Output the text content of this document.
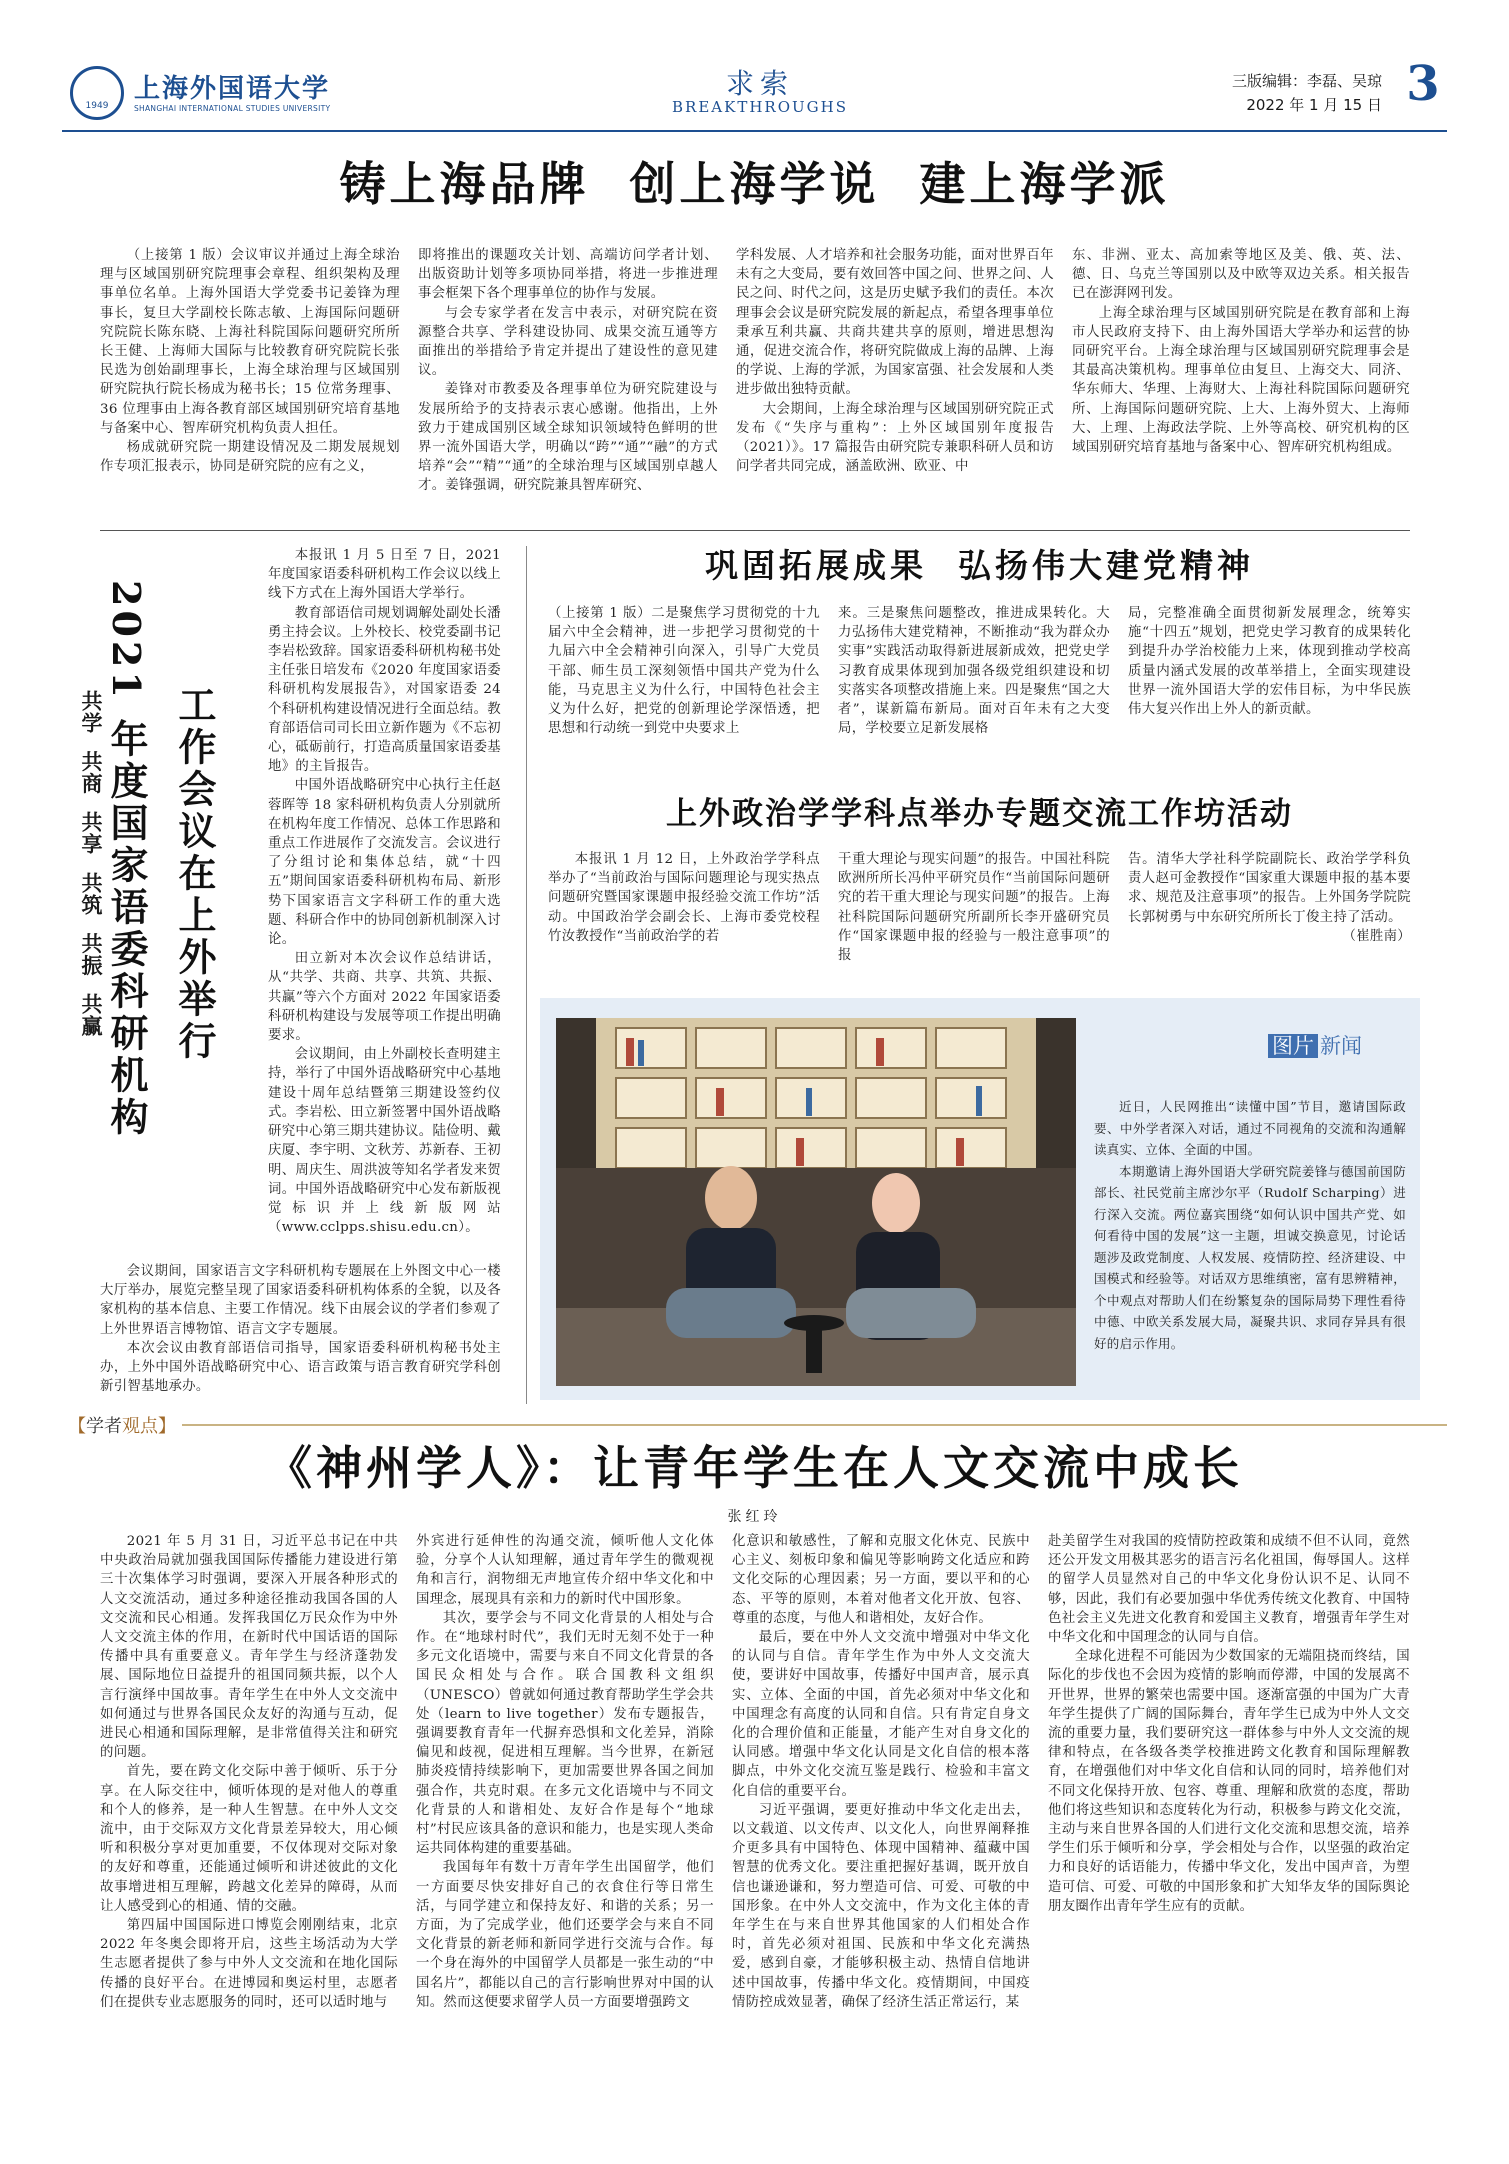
1949
上海外国语大学
SHANGHAI INTERNATIONAL STUDIES UNIVERSITY
求索
BREAKTHROUGHS
三版编辑：李磊、吴琼
2022 年 1 月 15 日 3
铸上海品牌  创上海学说  建上海学派

（上接第 1 版）会议审议并通过上海全球治理与区域国别研究院理事会章程、组织架构及理事单位名单。上海外国语大学党委书记姜锋为理事长，复旦大学副校长陈志敏、上海国际问题研究院院长陈东晓、上海社科院国际问题研究所所长王健、上海师大国际与比较教育研究院院长张民选为创始副理事长，上海全球治理与区域国别研究院执行院长杨成为秘书长；15 位常务理事、36 位理事由上海各教育部区域国别研究培育基地与备案中心、智库研究机构负责人担任。

杨成就研究院一期建设情况及二期发展规划作专项汇报表示，协同是研究院的应有之义，

即将推出的课题攻关计划、高端访问学者计划、出版资助计划等多项协同举措，将进一步推进理事会框架下各个理事单位的协作与发展。

与会专家学者在发言中表示，对研究院在资源整合共享、学科建设协同、成果交流互通等方面推出的举措给予肯定并提出了建设性的意见建议。

姜锋对市教委及各理事单位为研究院建设与发展所给予的支持表示衷心感谢。他指出，上外致力于建成国别区域全球知识领域特色鲜明的世界一流外国语大学，明确以“跨”“通”“融”的方式培养“会”“精”“通”的全球治理与区域国别卓越人才。姜锋强调，研究院兼具智库研究、

学科发展、人才培养和社会服务功能，面对世界百年未有之大变局，要有效回答中国之问、世界之问、人民之问、时代之问，这是历史赋予我们的责任。本次理事会会议是研究院发展的新起点，希望各理事单位秉承互利共赢、共商共建共享的原则，增进思想沟通，促进交流合作，将研究院做成上海的品牌、上海的学说、上海的学派，为国家富强、社会发展和人类进步做出独特贡献。

大会期间，上海全球治理与区域国别研究院正式发布《“失序与重构”：上外区域国别年度报告（2021）》。17 篇报告由研究院专兼职科研人员和访问学者共同完成，涵盖欧洲、欧亚、中

东、非洲、亚太、高加索等地区及美、俄、英、法、德、日、乌克兰等国别以及中欧等双边关系。相关报告已在澎湃网刊发。

上海全球治理与区域国别研究院是在教育部和上海市人民政府支持下、由上海外国语大学举办和运营的协同研究平台。上海全球治理与区域国别研究院理事会是其最高决策机构。理事单位由复旦、上海交大、同济、华东师大、华理、上海财大、上海社科院国际问题研究所、上海国际问题研究院、上大、上海外贸大、上海师大、上理、上海政法学院、上外等高校、研究机构的区域国别研究培育基地与备案中心、智库研究机构组成。

2021 年度国家语委科研机构 工作会议在上外举行
共学  共商  共享  共筑  共振  共赢

本报讯 1 月 5 日至 7 日，2021 年度国家语委科研机构工作会议以线上线下方式在上海外国语大学举行。

教育部语信司规划调解处副处长潘勇主持会议。上外校长、校党委副书记李岩松致辞。国家语委科研机构秘书处主任张日培发布《2020 年度国家语委科研机构发展报告》，对国家语委 24 个科研机构建设情况进行全面总结。教育部语信司司长田立新作题为《不忘初心，砥砺前行，打造高质量国家语委基地》的主旨报告。

中国外语战略研究中心执行主任赵蓉晖等 18 家科研机构负责人分别就所在机构年度工作情况、总体工作思路和重点工作进展作了交流发言。会议进行了分组讨论和集体总结，就“十四五”期间国家语委科研机构布局、新形势下国家语言文字科研工作的重大选题、科研合作中的协同创新机制深入讨论。

田立新对本次会议作总结讲话，从“共学、共商、共享、共筑、共振、共赢”等六个方面对 2022 年国家语委科研机构建设与发展等项工作提出明确要求。

会议期间，由上外副校长查明建主持，举行了中国外语战略研究中心基地建设十周年总结暨第三期建设签约仪式。李岩松、田立新签署中国外语战略研究中心第三期共建协议。陆俭明、戴庆厦、李宇明、文秋芳、苏新春、王初明、周庆生、周洪波等知名学者发来贺词。中国外语战略研究中心发布新版视觉标识并上线新版网站（www.cclpps.shisu.edu.cn）。

会议期间，国家语言文字科研机构专题展在上外图文中心一楼大厅举办，展览完整呈现了国家语委科研机构体系的全貌，以及各家机构的基本信息、主要工作情况。线下由展会议的学者们参观了上外世界语言博物馆、语言文字专题展。

本次会议由教育部语信司指导，国家语委科研机构秘书处主办，上外中国外语战略研究中心、语言政策与语言教育研究学科创新引智基地承办。

巩固拓展成果  弘扬伟大建党精神

（上接第 1 版）二是聚焦学习贯彻党的十九届六中全会精神，进一步把学习贯彻党的十九届六中全会精神引向深入，引导广大党员干部、师生员工深刻领悟中国共产党为什么能，马克思主义为什么行，中国特色社会主义为什么好，把党的创新理论学深悟透，把思想和行动统一到党中央要求上

来。三是聚焦问题整改，推进成果转化。大力弘扬伟大建党精神，不断推动“我为群众办实事”实践活动取得新进展新成效，把党史学习教育成果体现到加强各级党组织建设和切实落实各项整改措施上来。四是聚焦“国之大者”，谋新篇布新局。面对百年未有之大变局，学校要立足新发展格

局，完整准确全面贯彻新发展理念，统筹实施“十四五”规划，把党史学习教育的成果转化到提升办学治校能力上来，体现到推动学校高质量内涵式发展的改革举措上，全面实现建设世界一流外国语大学的宏伟目标，为中华民族伟大复兴作出上外人的新贡献。

上外政治学学科点举办专题交流工作坊活动

本报讯 1 月 12 日，上外政治学学科点举办了“当前政治与国际问题理论与现实热点问题研究暨国家课题申报经验交流工作坊”活动。中国政治学会副会长、上海市委党校程竹汝教授作“当前政治学的若

干重大理论与现实问题”的报告。中国社科院欧洲所所长冯仲平研究员作“当前国际问题研究的若干重大理论与现实问题”的报告。上海社科院国际问题研究所副所长李开盛研究员作“国家课题申报的经验与一般注意事项”的报

告。清华大学社科学院副院长、政治学学科负责人赵可金教授作“国家重大课题申报的基本要求、规范及注意事项”的报告。上外国务学院院长郭树勇与中东研究所所长丁俊主持了活动。

（崔胜南）

图片 新闻

近日，人民网推出“读懂中国”节目，邀请国际政要、中外学者深入对话，通过不同视角的交流和沟通解读真实、立体、全面的中国。

本期邀请上海外国语大学研究院姜锋与德国前国防部长、社民党前主席沙尔平（Rudolf Scharping）进行深入交流。两位嘉宾围绕“如何认识中国共产党、如何看待中国的发展”这一主题，坦诚交换意见，讨论话题涉及政党制度、人权发展、疫情防控、经济建设、中国模式和经验等。对话双方思维缜密，富有思辨精神，个中观点对帮助人们在纷繁复杂的国际局势下理性看待中德、中欧关系发展大局，凝聚共识、求同存异具有很好的启示作用。

【学者观点】
《神州学人》：让青年学生在人文交流中成长
张红玲

2021 年 5 月 31 日，习近平总书记在中共中央政治局就加强我国国际传播能力建设进行第三十次集体学习时强调，要深入开展各种形式的人文交流活动，通过多种途径推动我国各国的人文交流和民心相通。发挥我国亿万民众作为中外人文交流主体的作用，在新时代中国话语的国际传播中具有重要意义。青年学生与经济蓬勃发展、国际地位日益提升的祖国同频共振，以个人言行演绎中国故事。青年学生在中外人文交流中如何通过与世界各国民众友好的沟通与互动，促进民心相通和国际理解，是非常值得关注和研究的问题。

首先，要在跨文化交际中善于倾听、乐于分享。在人际交往中，倾听体现的是对他人的尊重和个人的修养，是一种人生智慧。在中外人文交流中，由于交际双方文化背景差异较大，用心倾听和积极分享对更加重要，不仅体现对交际对象的友好和尊重，还能通过倾听和讲述彼此的文化故事增进相互理解，跨越文化差异的障碍，从而让人感受到心的相通、情的交融。

第四届中国国际进口博览会刚刚结束，北京 2022 年冬奥会即将开启，这些主场活动为大学生志愿者提供了参与中外人文交流和在地化国际传播的良好平台。在进博园和奥运村里，志愿者们在提供专业志愿服务的同时，还可以适时地与

外宾进行延伸性的沟通交流，倾听他人文化体验，分享个人认知理解，通过青年学生的微观视角和言行，润物细无声地宣传介绍中华文化和中国理念，展现具有亲和力的新时代中国形象。

其次，要学会与不同文化背景的人相处与合作。在“地球村时代”，我们无时无刻不处于一种多元文化语境中，需要与来自不同文化背景的各国民众相处与合作。联合国教科文组织（UNESCO）曾就如何通过教育帮助学生学会共处（learn to live together）发布专题报告，强调要教育青年一代摒弃恐惧和文化差异，消除偏见和歧视，促进相互理解。当今世界，在新冠肺炎疫情持续影响下，更加需要世界各国之间加强合作，共克时艰。在多元文化语境中与不同文化背景的人和谐相处、友好合作是每个“地球村”村民应该具备的意识和能力，也是实现人类命运共同体构建的重要基础。

我国每年有数十万青年学生出国留学，他们一方面要尽快安排好自己的衣食住行等日常生活，与同学建立和保持友好、和谐的关系；另一方面，为了完成学业，他们还要学会与来自不同文化背景的新老师和新同学进行交流与合作。每一个身在海外的中国留学人员都是一张生动的“中国名片”，都能以自己的言行影响世界对中国的认知。然而这便要求留学人员一方面要增强跨文

化意识和敏感性，了解和克服文化休克、民族中心主义、刻板印象和偏见等影响跨文化适应和跨文化交际的心理因素；另一方面，要以平和的心态、平等的原则，本着对他者文化开放、包容、尊重的态度，与他人和谐相处，友好合作。

最后，要在中外人文交流中增强对中华文化的认同与自信。青年学生作为中外人文交流大使，要讲好中国故事，传播好中国声音，展示真实、立体、全面的中国，首先必须对中华文化和中国理念有高度的认同和自信。只有肯定自身文化的合理价值和正能量，才能产生对自身文化的认同感。增强中华文化认同是文化自信的根本落脚点，中外文化交流互鉴是践行、检验和丰富文化自信的重要平台。

习近平强调，要更好推动中华文化走出去，以文载道、以文传声、以文化人，向世界阐释推介更多具有中国特色、体现中国精神、蕴藏中国智慧的优秀文化。要注重把握好基调，既开放自信也谦逊谦和，努力塑造可信、可爱、可敬的中国形象。在中外人文交流中，作为文化主体的青年学生在与来自世界其他国家的人们相处合作时，首先必须对祖国、民族和中华文化充满热爱，感到自豪，才能够积极主动、热情自信地讲述中国故事，传播中华文化。疫情期间，中国疫情防控成效显著，确保了经济生活正常运行，某

赴美留学生对我国的疫情防控政策和成绩不但不认同，竟然还公开发文用极其恶劣的语言污名化祖国，侮辱国人。这样的留学人员显然对自己的中华文化身份认识不足、认同不够，因此，我们有必要加强中华优秀传统文化教育、中国特色社会主义先进文化教育和爱国主义教育，增强青年学生对中华文化和中国理念的认同与自信。

全球化进程不可能因为少数国家的无端阻挠而终结，国际化的步伐也不会因为疫情的影响而停滞，中国的发展离不开世界，世界的繁荣也需要中国。逐渐富强的中国为广大青年学生提供了广阔的国际舞台，青年学生已成为中外人文交流的重要力量，我们要研究这一群体参与中外人文交流的规律和特点，在各级各类学校推进跨文化教育和国际理解教育，在增强他们对中华文化自信和认同的同时，培养他们对不同文化保持开放、包容、尊重、理解和欣赏的态度，帮助他们将这些知识和态度转化为行动，积极参与跨文化交流，主动与来自世界各国的人们进行文化交流和思想交流，培养学生们乐于倾听和分享，学会相处与合作，以坚强的政治定力和良好的话语能力，传播中华文化，发出中国声音，为塑造可信、可爱、可敬的中国形象和扩大知华友华的国际舆论朋友圈作出青年学生应有的贡献。
